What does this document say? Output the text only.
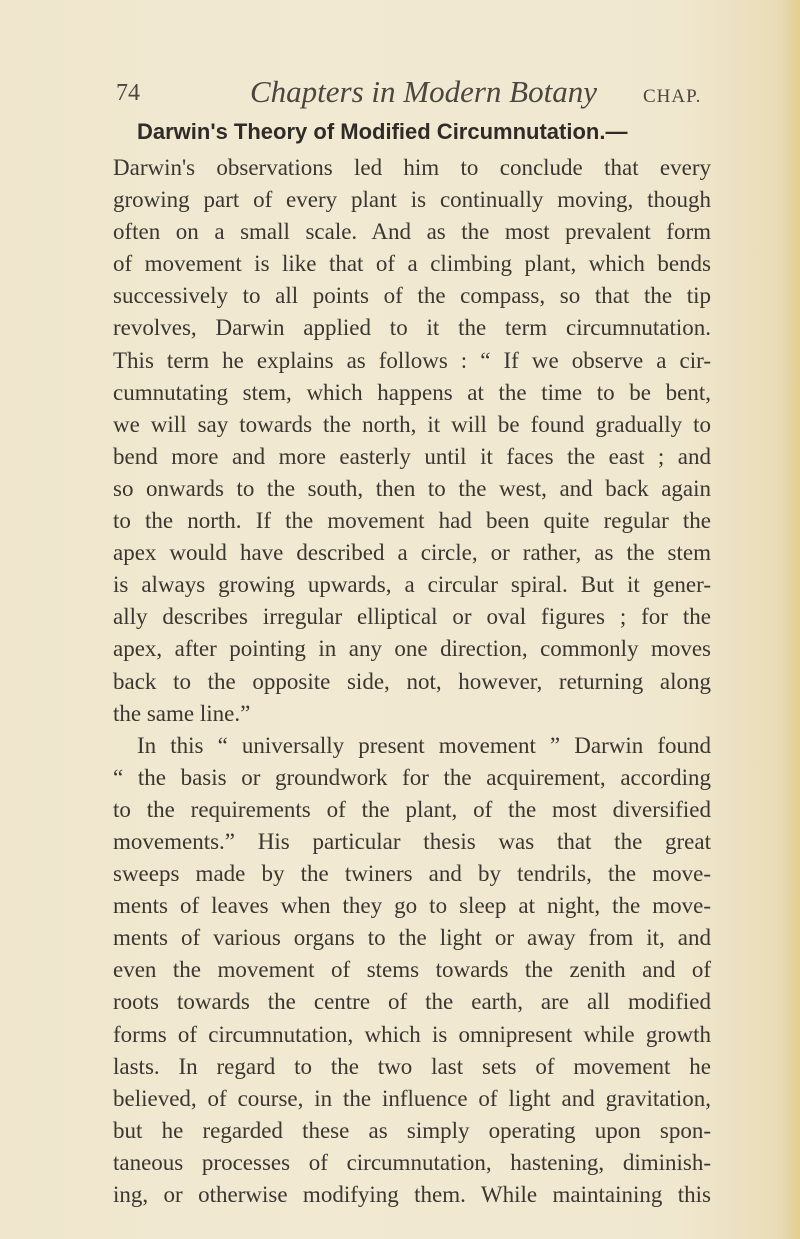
74	Chapters in Modern Botany CHAP.
Darwin's Theory of Modified Circumnutation.—
Darwin's observations led him to conclude that every
growing part of every plant is continually moving, though
often on a small scale. And as the most prevalent form
of movement is like that of a climbing plant, which bends
successively to all points of the compass, so that the tip
revolves, Darwin applied to it the term circumnutation.
This term he explains as follows : “ If we observe a cir-
cumnutating stem, which happens at the time to be bent,
we will say towards the north, it will be found gradually to
bend more and more easterly until it faces the east ; and
so onwards to the south, then to the west, and back again
to the north. If the movement had been quite regular the
apex would have described a circle, or rather, as the stem
is always growing upwards, a circular spiral. But it gener-
ally describes irregular elliptical or oval figures ; for the
apex, after pointing in any one direction, commonly moves
back to the opposite side, not, however, returning along
the same line.”
In this “ universally present movement ” Darwin found
“ the basis or groundwork for the acquirement, according
to the requirements of the plant, of the most diversified
movements.” His particular thesis was that the great
sweeps made by the twiners and by tendrils, the move-
ments of leaves when they go to sleep at night, the move-
ments of various organs to the light or away from it, and
even the movement of stems towards the zenith and of
roots towards the centre of the earth, are all modified
forms of circumnutation, which is omnipresent while growth
lasts. In regard to the two last sets of movement he
believed, of course, in the influence of light and gravitation,
but he regarded these as simply operating upon spon-
taneous processes of circumnutation, hastening, diminish-
ing, or otherwise modifying them. While maintaining this
